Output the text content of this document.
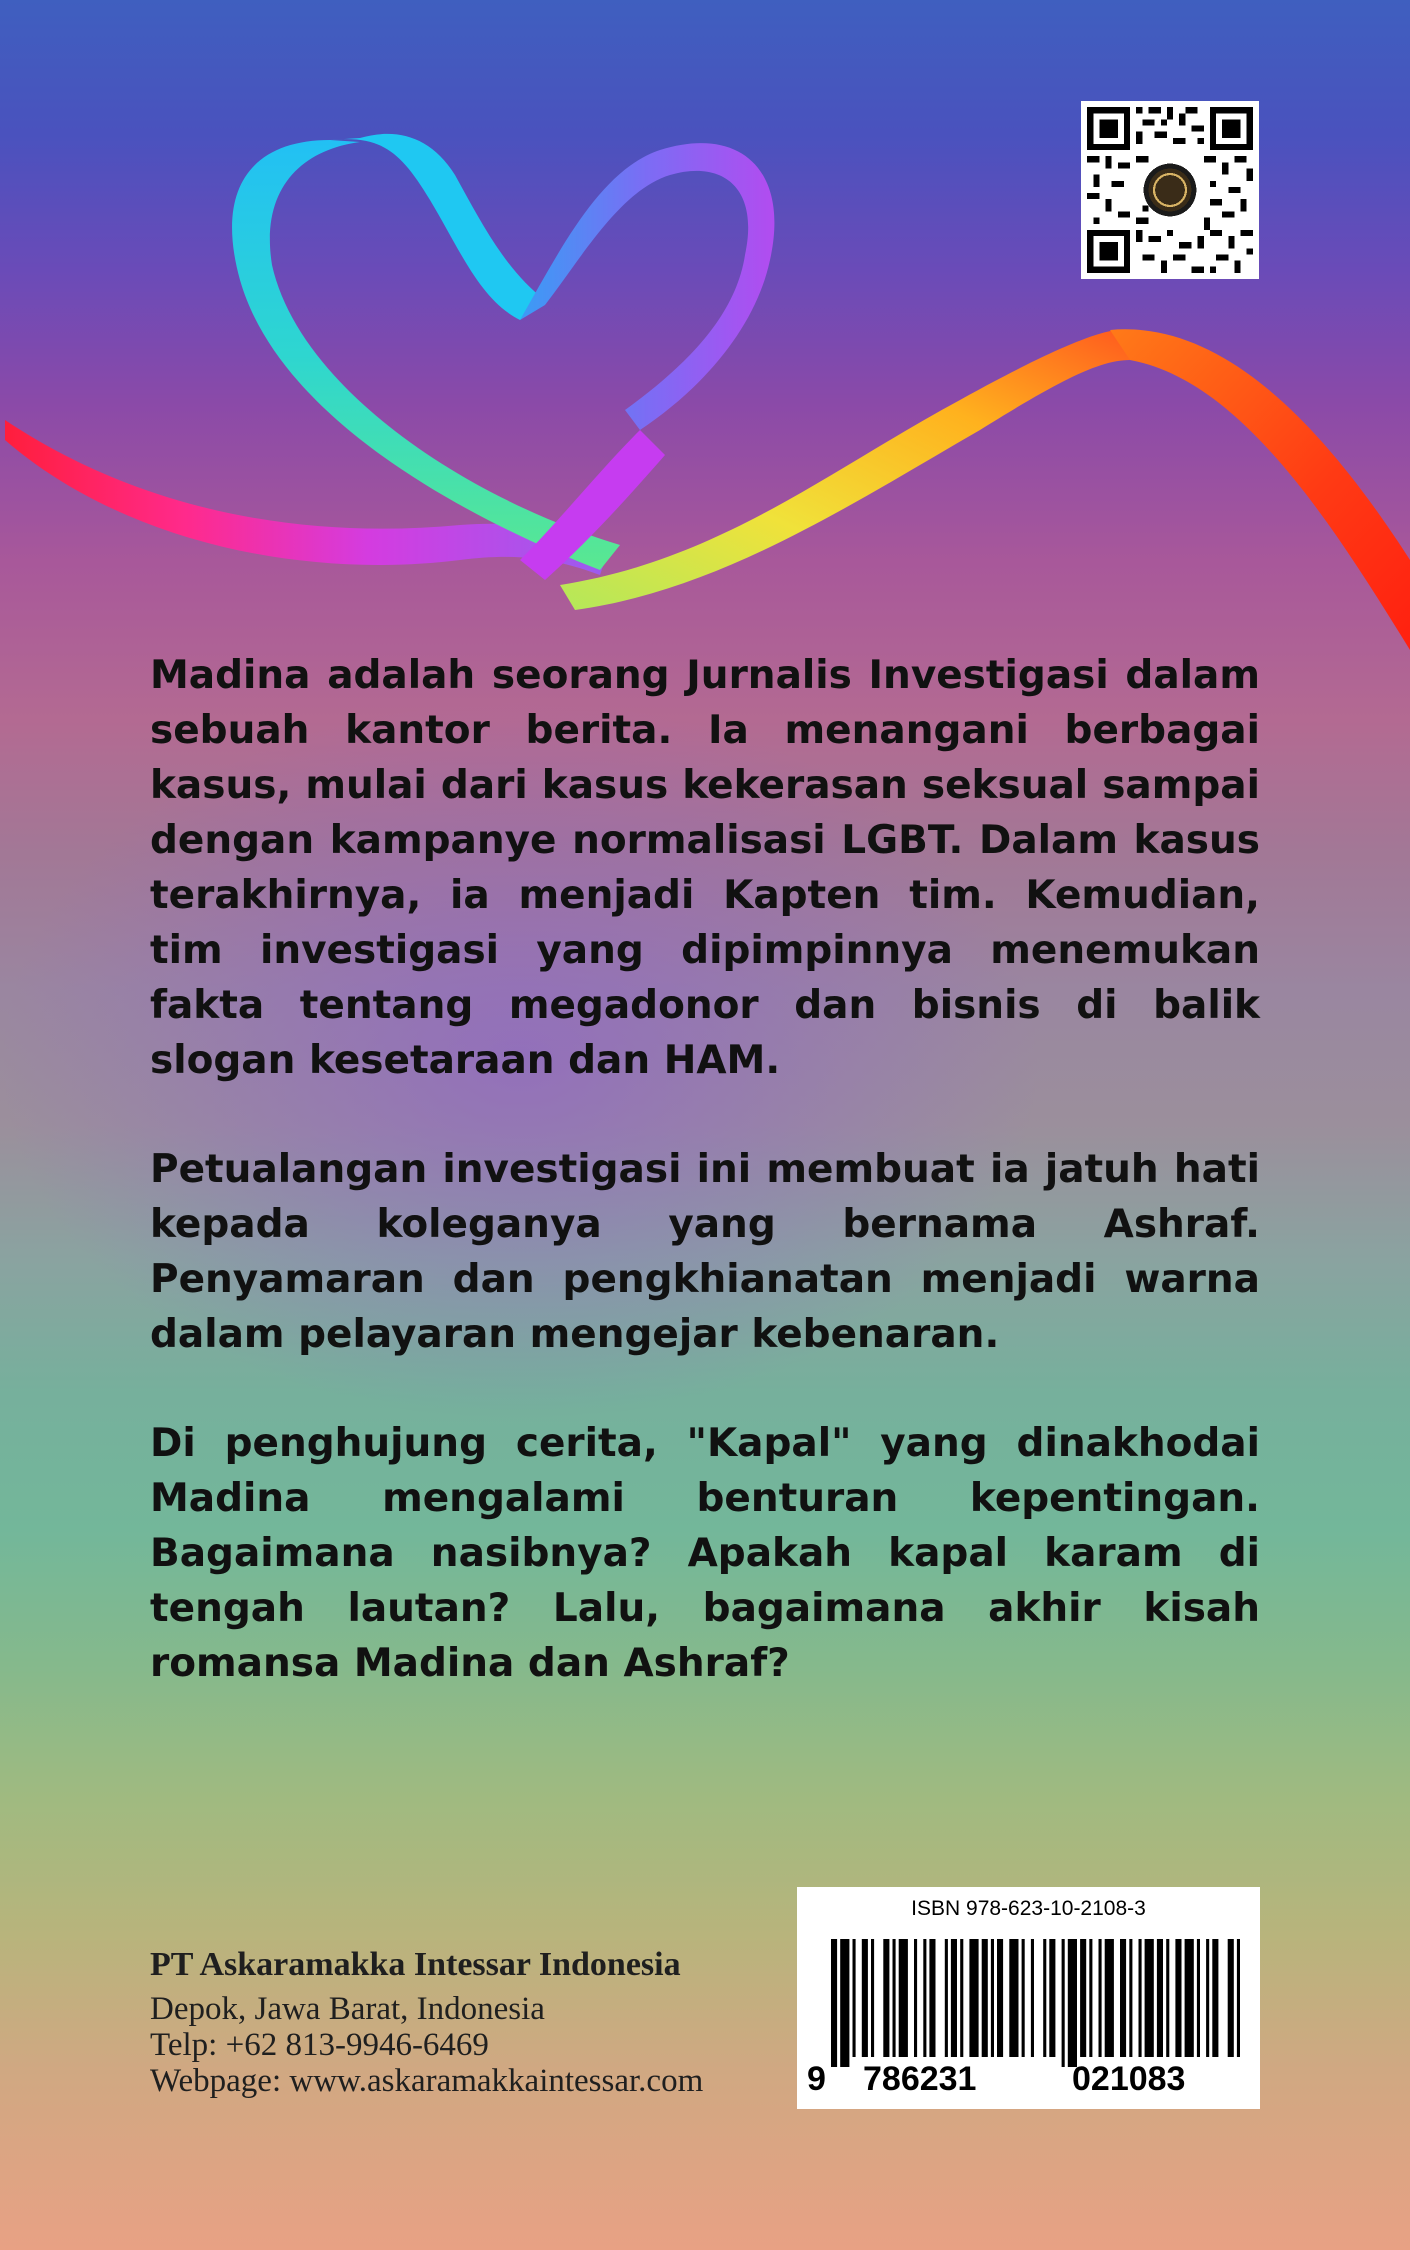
Madina adalah seorang Jurnalis Investigasi dalam sebuah kantor berita. Ia menangani berbagai kasus, mulai dari kasus kekerasan seksual sampai dengan kampanye normalisasi LGBT. Dalam kasus terakhirnya, ia menjadi Kapten tim. Kemudian, tim investigasi yang dipimpinnya menemukan fakta tentang megadonor dan bisnis di balik slogan kesetaraan dan HAM.

Petualangan investigasi ini membuat ia jatuh hati kepada koleganya yang bernama Ashraf. Penyamaran dan pengkhianatan menjadi warna dalam pelayaran mengejar kebenaran.

Di penghujung cerita, "Kapal" yang dinakhodai Madina mengalami benturan kepentingan. Bagaimana nasibnya? Apakah kapal karam di tengah lautan? Lalu, bagaimana akhir kisah romansa Madina dan Ashraf?

PT Askaramakka Intessar Indonesia
Depok, Jawa Barat, Indonesia
Telp: +62 813-9946-6469
Webpage: www.askaramakkaintessar.com
ISBN 978-623-10-2108-3
9 786231	021083
